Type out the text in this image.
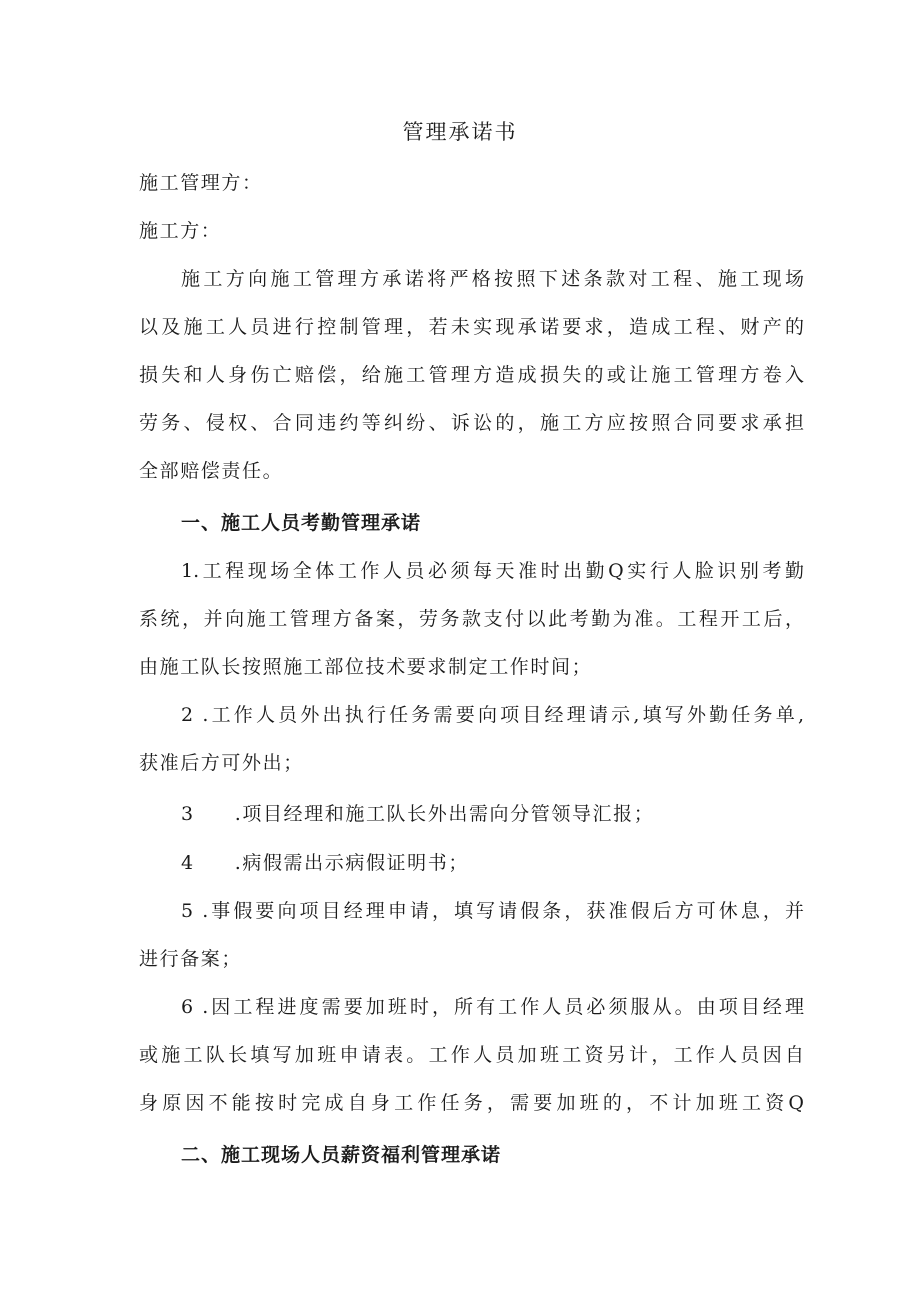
管理承诺书
施工管理方：
施工方：
施工方向施工管理方承诺将严格按照下述条款对工程、施工现场
以及施工人员进行控制管理，若未实现承诺要求，造成工程、财产的
损失和人身伤亡赔偿，给施工管理方造成损失的或让施工管理方卷入
劳务、侵权、合同违约等纠纷、诉讼的，施工方应按照合同要求承担
全部赔偿责任。
一、施工人员考勤管理承诺
1.工程现场全体工作人员必须每天准时出勤Q实行人脸识别考勤
系统，并向施工管理方备案，劳务款支付以此考勤为准。工程开工后，
由施工队长按照施工部位技术要求制定工作时间；
2 .工作人员外出执行任务需要向项目经理请示,填写外勤任务单,
获准后方可外出；
3 .项目经理和施工队长外出需向分管领导汇报；
4 .病假需出示病假证明书；
5 .事假要向项目经理申请，填写请假条，获准假后方可休息，并
进行备案；
6 .因工程进度需要加班时，所有工作人员必须服从。由项目经理
或施工队长填写加班申请表。工作人员加班工资另计，工作人员因自
身原因不能按时完成自身工作任务，需要加班的，不计加班工资Q
二、施工现场人员薪资福利管理承诺
